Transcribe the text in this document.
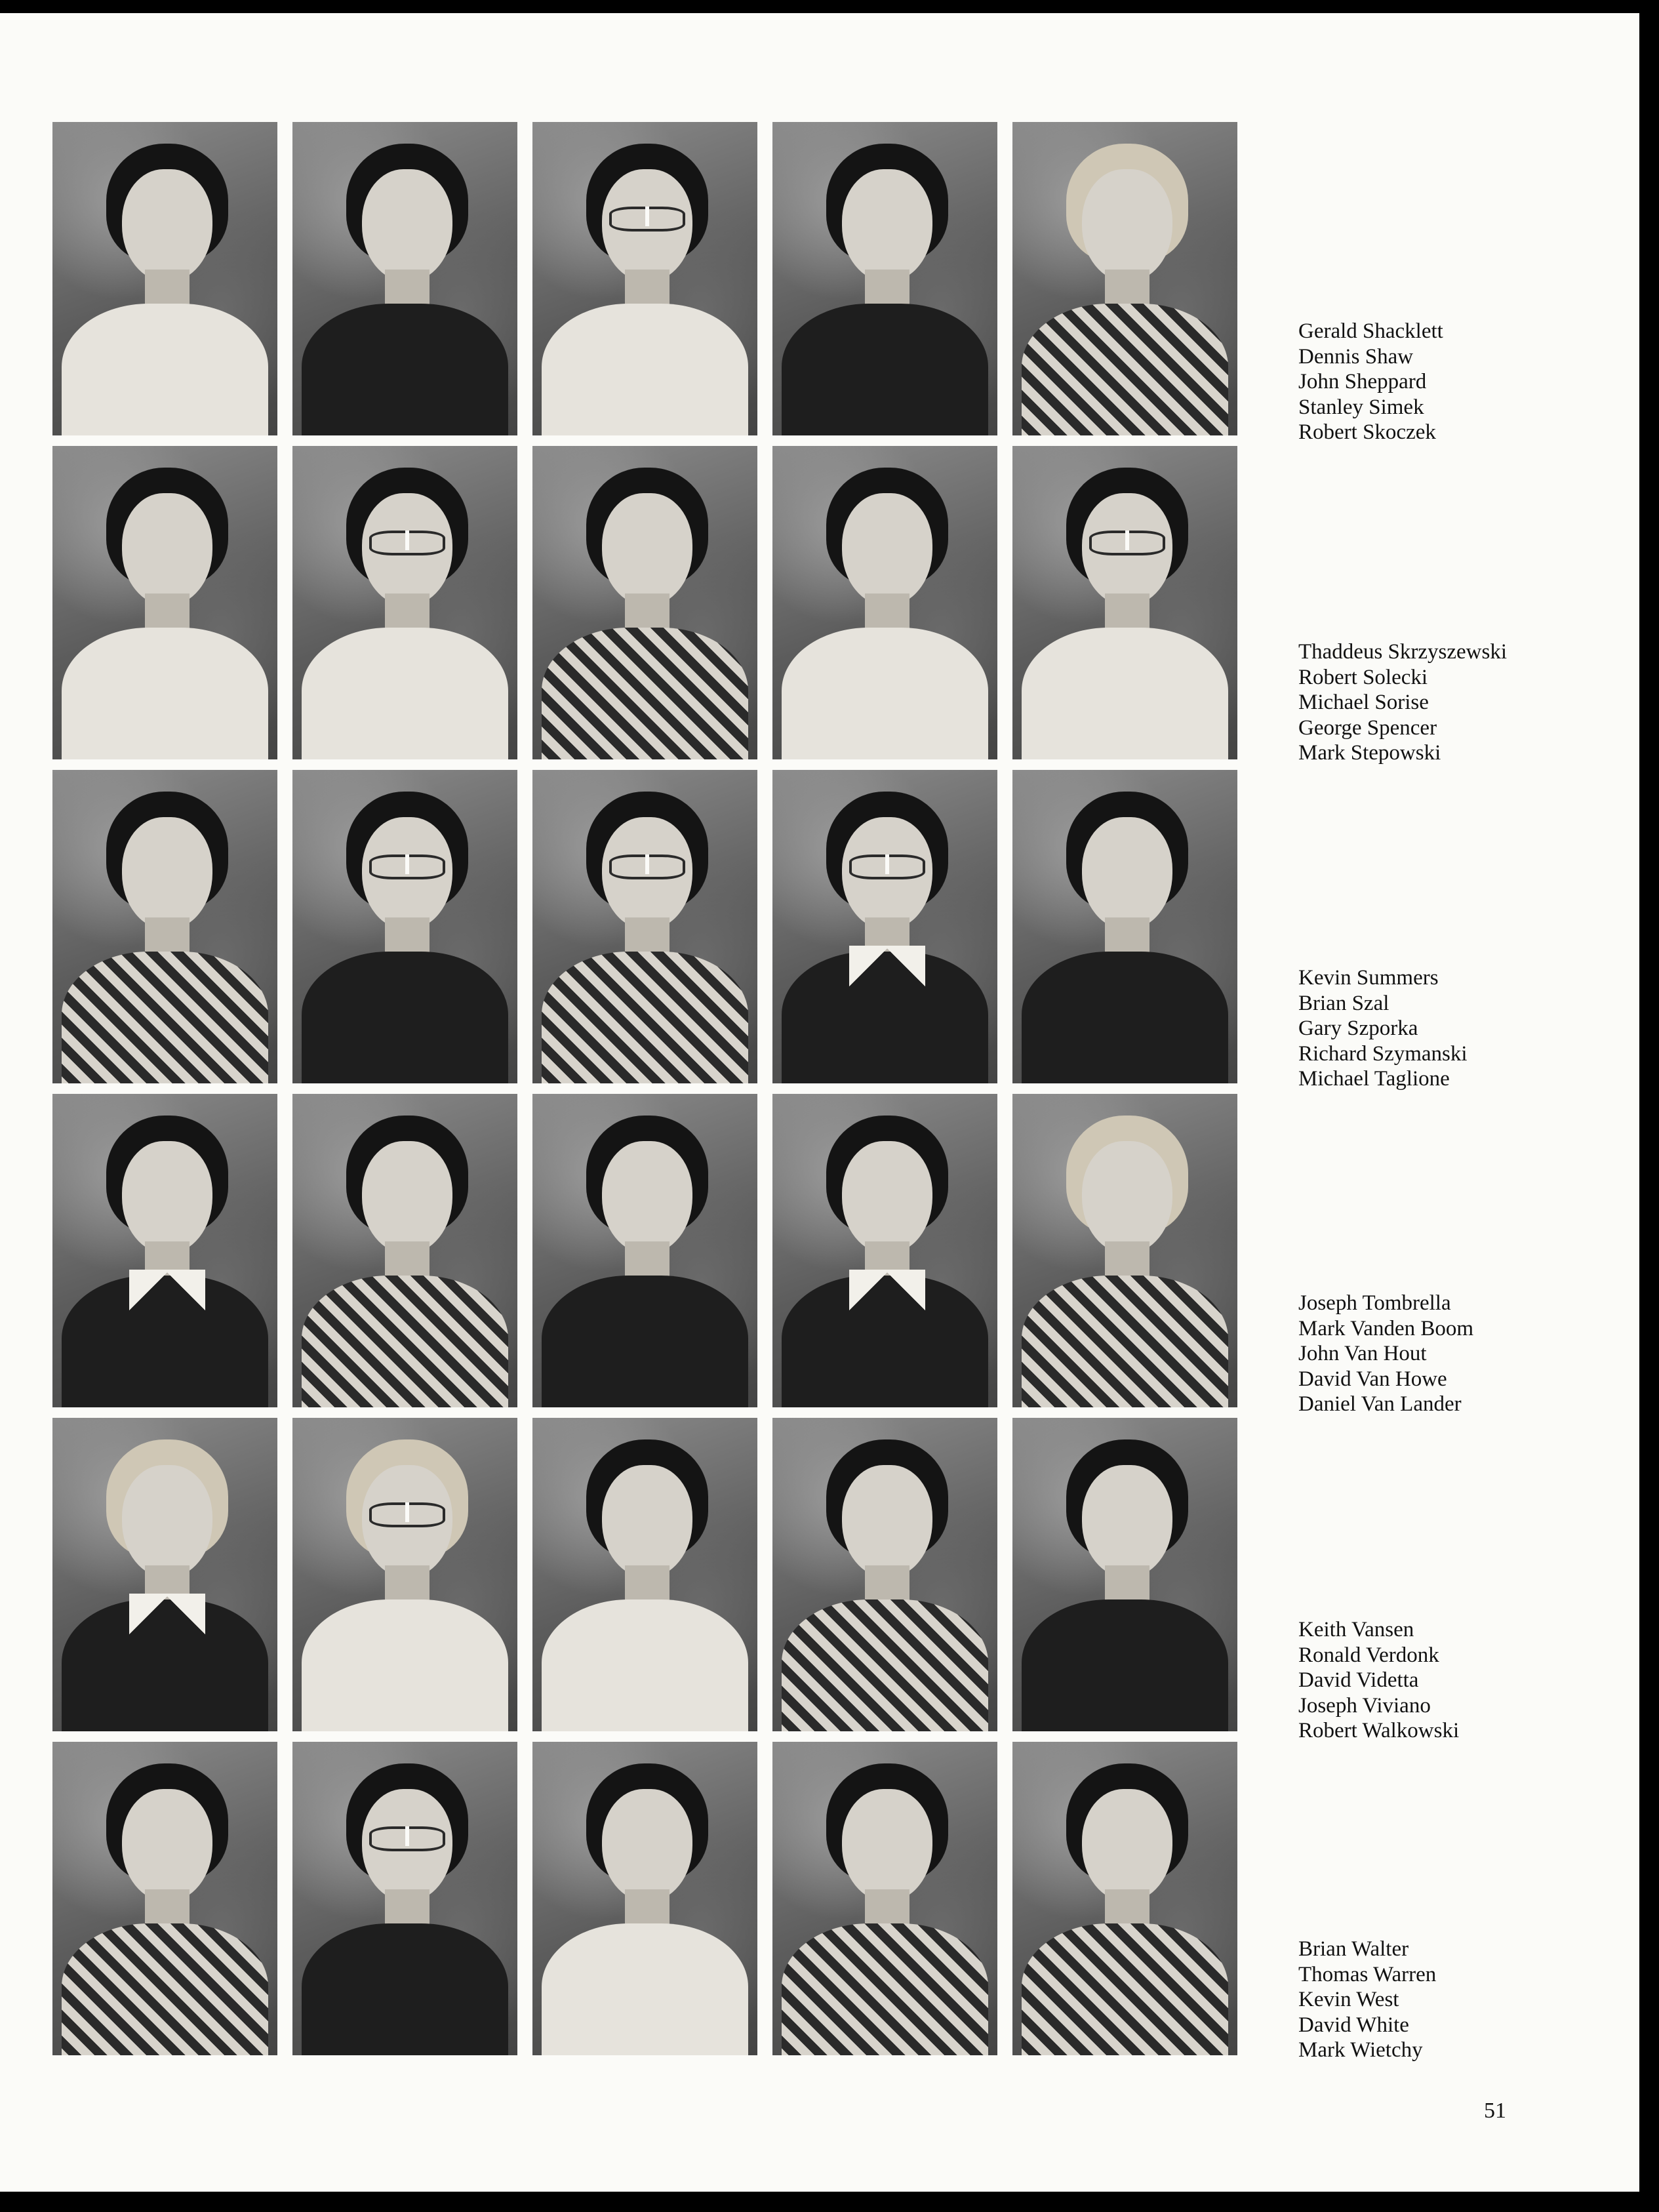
Gerald Shacklett
Dennis Shaw
John Sheppard
Stanley Simek
Robert Skoczek
Thaddeus Skrzyszewski
Robert Solecki
Michael Sorise
George Spencer
Mark Stepowski
Kevin Summers
Brian Szal
Gary Szporka
Richard Szymanski
Michael Taglione
Joseph Tombrella
Mark Vanden Boom
John Van Hout
David Van Howe
Daniel Van Lander
Keith Vansen
Ronald Verdonk
David Videtta
Joseph Viviano
Robert Walkowski
Brian Walter
Thomas Warren
Kevin West
David White
Mark Wietchy
51
